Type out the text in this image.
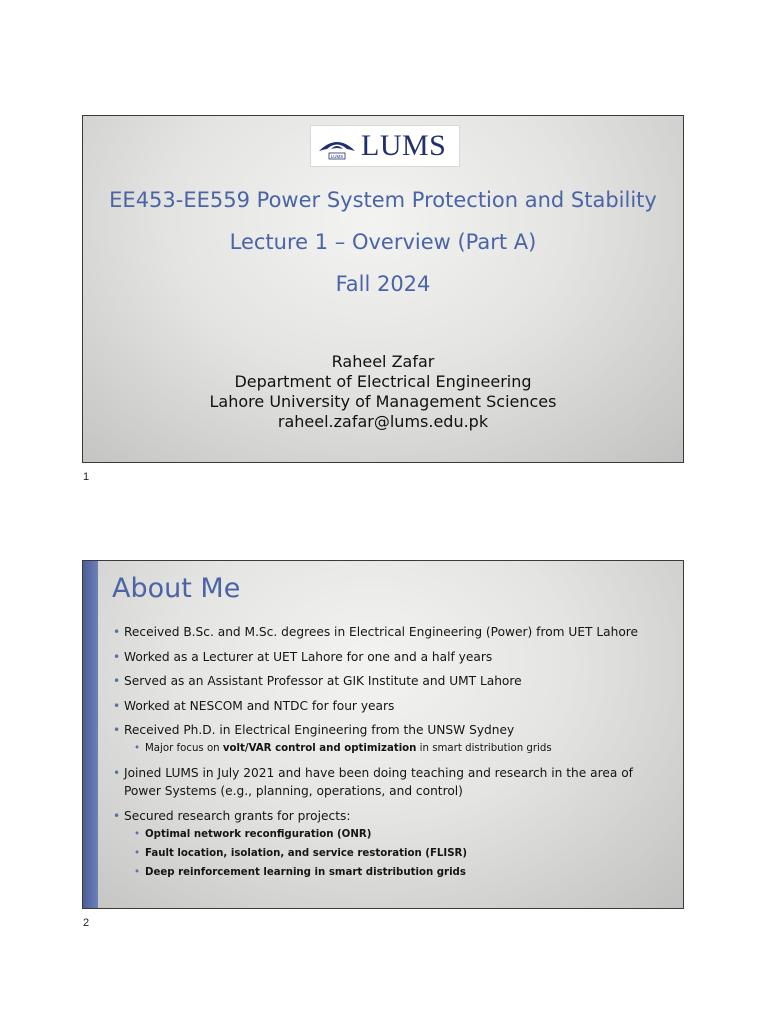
LUMS LUMS
EE453-EE559 Power System Protection and Stability
Lecture 1 – Overview (Part A)
Fall 2024
Raheel Zafar
Department of Electrical Engineering
Lahore University of Management Sciences
raheel.zafar@lums.edu.pk
1
About Me
• Received B.Sc. and M.Sc. degrees in Electrical Engineering (Power) from UET Lahore
• Worked as a Lecturer at UET Lahore for one and a half years
• Served as an Assistant Professor at GIK Institute and UMT Lahore
• Worked at NESCOM and NTDC for four years
• Received Ph.D. in Electrical Engineering from the UNSW Sydney
• Major focus on volt/VAR control and optimization in smart distribution grids
• Joined LUMS in July 2021 and have been doing teaching and research in the area of
Power Systems (e.g., planning, operations, and control)
• Secured research grants for projects:
• Optimal network reconfiguration (ONR)
• Fault location, isolation, and service restoration (FLISR)
• Deep reinforcement learning in smart distribution grids
2
